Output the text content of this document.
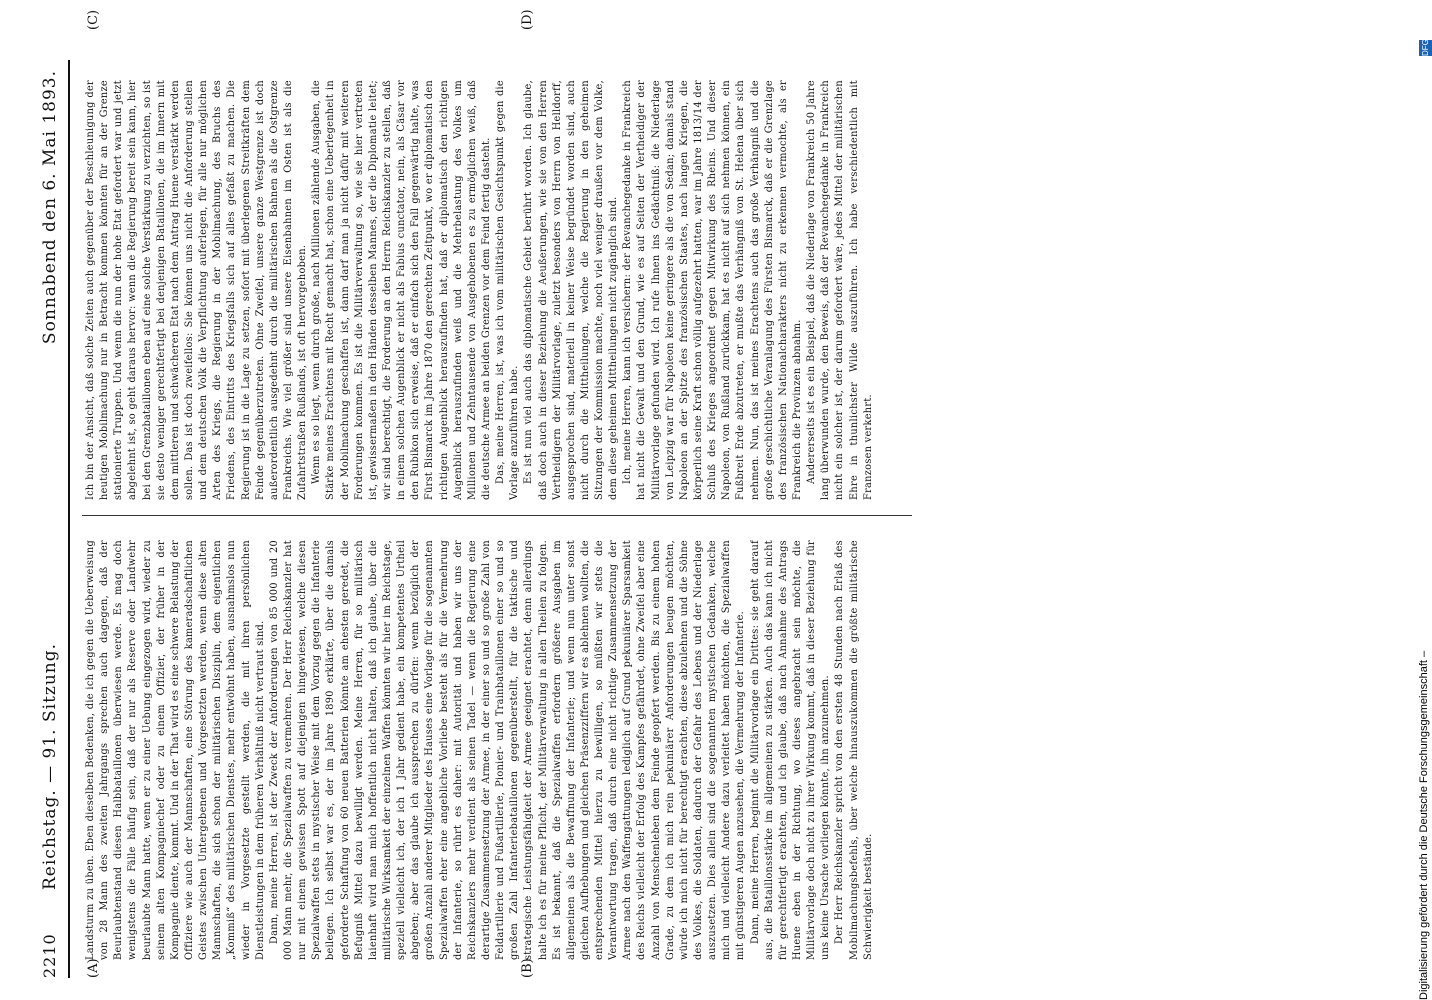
2210
Reichstag. — 91. Sitzung.
Sonnabend den 6. Mai 1893.
(A)	(B)
(C)	(D)

Landsturm zu üben. Eben dieselben Bedenken, die ich gegen die Ueberweisung von 28 Mann des zweiten Jahrgangs sprechen auch dagegen, daß der Beurlaubtenstand diesen Halbbataillonen überwiesen werde. Es mag doch wenigstens die Fälle häufig sein, daß der nur als Reserve oder Landwehr beurlaubte Mann hatte, wenn er zu einer Uebung eingezogen wird, wieder zu seinem alten Kompagniechef oder zu einem Offizier, der früher in der Kompagnie diente, kommt. Und in der That wird es eine schwere Belastung der Offiziere wie auch der Mannschaften, eine Störung des kameradschaftlichen Geistes zwischen Untergebenen und Vorgesetzten werden, wenn diese alten Mannschaften, die sich schon der militärischen Disziplin, dem eigentlichen „Kommiß“ des militärischen Dienstes, mehr entwöhnt haben, ausnahmslos nun wieder in Vorgesetzte gestellt werden, die mit ihren persönlichen Dienstleistungen in dem früheren Verhältniß nicht vertraut sind. Dann, meine Herren, ist der Zweck der Anforderungen von 85 000 und 20 000 Mann mehr, die Spezialwaffen zu vermehren. Der Herr Reichskanzler hat nur mit einem gewissen Spott auf diejenigen hingewiesen, welche diesen Spezialwaffen stets in mystischer Weise mit dem Vorzug gegen die Infanterie beilegen. Ich selbst war es, der im Jahre 1890 erklärte, über die damals geforderte Schaffung von 60 neuen Batterien könnte am ehesten geredet, die Befugniß Mittel dazu bewilligt werden. Meine Herren, für so militärisch laienhaft wird man mich hoffentlich nicht halten, daß ich glaube, über die militärische Wirksamkeit der einzelnen Waffen könnten wir hier im Reichstage, speziell vielleicht ich, der ich 1 Jahr gedient habe, ein kompetentes Urtheil abgeben; aber das glaube ich aussprechen zu dürfen: wenn bezüglich der großen Anzahl anderer Mitglieder des Hauses eine Vorlage für die sogenannten Spezialwaffen eher eine angebliche Vorliebe besteht als für die Vermehrung der Infanterie, so rührt es daher: mit Autorität und haben wir uns der Reichskanzlers mehr verdient als seinen Tadel — wenn die Regierung eine derartige Zusammensetzung der Armee, in der einer so und so große Zahl von Feldartillerie und Fußartillerie, Pionier- und Trainbataillonen einer so und so großen Zahl Infanteriebataillonen gegenüberstellt, für die taktische und strategische Leistungsfähigkeit der Armee geeignet erachtet, denn allerdings halte ich es für meine Pflicht, der Militärverwaltung in allen Theilen zu folgen. Es ist bekannt, daß die Spezialwaffen erfordern größere Ausgaben im allgemeinen als die Bewaffnung der Infanterie; und wenn nun unter sonst gleichen Aufhebungen und gleichen Präsenzziffern wir es ablehnen wollten, die entsprechenden Mittel hierzu zu bewilligen, so müßten wir stets die Verantwortung tragen, daß durch eine nicht richtige Zusammensetzung der Armee nach den Waffengattungen lediglich auf Grund pekuniärer Sparsamkeit des Reichs vielleicht der Erfolg des Kampfes gefährdet, ohne Zweifel aber eine Anzahl von Menschenleben dem Feinde geopfert werden. Bis zu einem hohen Grade, zu dem ich mich rein pekuniärer Anforderungen beugen möchten, würde ich mich nicht für berechtigt erachten, diese abzulehnen und die Söhne des Volkes, die Soldaten, dadurch der Gefahr des Lebens und der Niederlage auszusetzen. Dies allein sind die sogenannten mystischen Gedanken, welche mich und vielleicht Andere dazu verleitet haben möchten, die Spezialwaffen mit günstigeren Augen anzusehen, die Vermehrung der Infanterie. Dann, meine Herren, beginnt die Militärvorlage ein Drittes: sie geht darauf aus, die Bataillonsstärke im allgemeinen zu stärken. Auch das kann ich nicht für gerechtfertigt erachten, und ich glaube, daß nach Annahme des Antrags Huene eben in der Richtung, wo dieses angebracht sein möchte, die Militärvorlage doch nicht zu ihrer Wirkung kommt, daß in dieser Beziehung für uns keine Ursache vorliegen könnte, ihn anzunehmen. Der Herr Reichskanzler spricht von den ersten 48 Stunden nach Erlaß des Mobilmachungsbefehls, über welche hinauszukommen die größte militärische Schwierigkeit bestände.

Ich bin der Ansicht, daß solche Zeiten auch gegenüber der Beschleunigung der heutigen Mobilmachung nur in Betracht kommen könnten für an der Grenze stationierte Truppen. Und wenn die nun der hohe Etat gefordert war und jetzt abgelehnt ist, so geht daraus hervor: wenn die Regierung bereit sein kann, hier bei den Grenzbataillonen eben auf eine solche Verstärkung zu verzichten, so ist sie desto weniger gerechtfertigt bei denjenigen Bataillonen, die im Innern mit dem mittleren und schwächeren Etat nach dem Antrag Huene verstärkt werden sollen. Das ist doch zweifellos: Sie können uns nicht die Anforderung stellen und dem deutschen Volk die Verpflichtung auferlegen, für alle nur möglichen Arten des Kriegs, die Regierung in der Mobilmachung, des Bruchs des Friedens, des Eintritts des Kriegsfalls sich auf alles gefaßt zu machen. Die Regierung ist in die Lage zu setzen, sofort mit überlegenen Streitkräften dem Feinde gegenüberzutreten. Ohne Zweifel, unsere ganze Westgrenze ist doch außerordentlich ausgedehnt durch die militärischen Bahnen als die Ostgrenze Frankreichs. Wie viel größer sind unsere Eisenbahnen im Osten ist als die Zufahrtstraßen Rußlands, ist oft hervorgehoben. Wenn es so liegt, wenn durch große, nach Millionen zählende Ausgaben, die Stärke meines Erachtens mit Recht gemacht hat, schon eine Ueberlegenheit in der Mobilmachung geschaffen ist, dann darf man ja nicht dafür mit weiteren Forderungen kommen. Es ist die Militärverwaltung so, wie sie hier vertreten ist, gewissermaßen in den Händen desselben Mannes, der die Diplomatie leitet; wir sind berechtigt, die Forderung an den Herrn Reichskanzler zu stellen, daß in einem solchen Augenblick er nicht als Fabius cunctator, nein, als Cäsar vor den Rubikon sich erweise, daß er einfach sich den Fall gegenwärtig halte, was Fürst Bismarck im Jahre 1870 den gerechten Zeitpunkt, wo er diplomatisch den richtigen Augenblick herauszufinden hat, daß er diplomatisch den richtigen Augenblick herauszufinden weiß und die Mehrbelastung des Volkes um Millionen und Zehntausende von Ausgehobenen es zu ermöglichen weiß, daß die deutsche Armee an beiden Grenzen vor dem Feind fertig dasteht. Das, meine Herren, ist, was ich vom militärischen Gesichtspunkt gegen die Vorlage anzuführen habe. Es ist nun viel auch das diplomatische Gebiet berührt worden. Ich glaube, daß doch auch in dieser Beziehung die Aeußerungen, wie sie von den Herren Vertheidigern der Militärvorlage, zuletzt besonders von Herrn von Helldorff, ausgesprochen sind, materiell in keiner Weise begründet worden sind, auch nicht durch die Mittheilungen, welche die Regierung in den geheimen Sitzungen der Kommission machte, noch viel weniger draußen vor dem Volke, dem diese geheimen Mittheilungen nicht zugänglich sind. Ich, meine Herren, kann ich versichern: der Revanchegedanke in Frankreich hat nicht die Gewalt und den Grund, wie es auf Seiten der Vertheidiger der Militärvorlage gefunden wird. Ich rufe Ihnen ins Gedächtniß: die Niederlage von Leipzig war für Napoleon keine geringere als die von Sedan; damals stand Napoleon an der Spitze des französischen Staates, nach langen Kriegen, die körperlich seine Kraft schon völlig aufgezehrt hatten, war im Jahre 1813/14 der Schluß des Krieges angeordnet gegen Mitwirkung des Rheins. Und dieser Napoleon, von Rußland zurückkam, hat es nicht auf sich nehmen können, ein Fußbreit Erde abzutreten, er mußte das Verhängniß von St. Helena über sich nehmen. Nun, das ist meines Erachtens auch das große Verhängniß und die große geschichtliche Veranlagung des Fürsten Bismarck, daß er die Grenzlage des französischen Nationalcharakters nicht zu erkennen vermochte, als er Frankreich die Provinzen abnahm. Andererseits ist es ein Beispiel, daß die Niederlage von Frankreich 50 Jahre lang überwunden wurde, den Beweis, daß der Revanchegedanke in Frankreich nicht ein solcher ist, der darum gefordert wäre, jedes Mittel der militärischen Ehre in thunlichster Wilde auszuführen. Ich habe verschiedentlich mit Franzosen verkehrt.

Digitalisierung gefördert durch die Deutsche Forschungsgemeinschaft –
DFG
